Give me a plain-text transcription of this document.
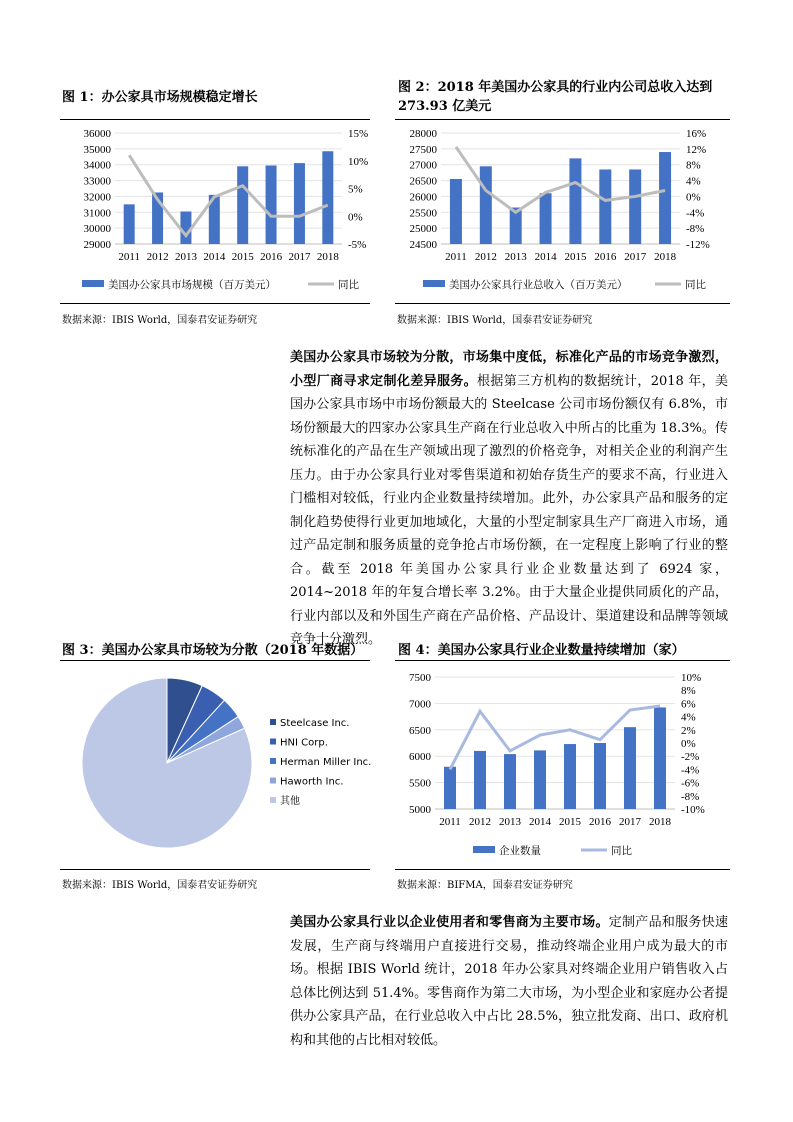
图 1：办公家具市场规模稳定增长
36000
35000
34000
33000
32000
31000
30000
29000
15%
10%
5%
0%
-5%
2011 2012 2013 2014 2015 2016 2017 2018
美国办公家具市场规模（百万美元）	同比
数据来源：IBIS World，国泰君安证券研究
图 2：2018 年美国办公家具的行业内公司总收入达到 273.93 亿美元
28000
27500
27000
26500
26000
25500
25000
24500
16%
12%
8%
4%
0%
-4%
-8%
-12%
2011 2012 2013 2014 2015 2016 2017 2018
美国办公家具行业总收入（百万美元）	同比
数据来源：IBIS World，国泰君安证券研究
美国办公家具市场较为分散，市场集中度低，标准化产品的市场竞争激烈，小型厂商寻求定制化差异服务。根据第三方机构的数据统计，2018 年，美国办公家具市场中市场份额最大的 Steelcase 公司市场份额仅有 6.8%，市场份额最大的四家办公家具生产商在行业总收入中所占的比重为 18.3%。传统标准化的产品在生产领域出现了激烈的价格竞争，对相关企业的利润产生压力。由于办公家具行业对零售渠道和初始存货生产的要求不高，行业进入门槛相对较低，行业内企业数量持续增加。此外，办公家具产品和服务的定制化趋势使得行业更加地域化，大量的小型定制家具生产厂商进入市场，通过产品定制和服务质量的竞争抢占市场份额，在一定程度上影响了行业的整合。截至 2018 年美国办公家具行业企业数量达到了 6924 家，2014~2018 年的年复合增长率 3.2%。由于大量企业提供同质化的产品，行业内部以及和外国生产商在产品价格、产品设计、渠道建设和品牌等领域竞争十分激烈。
图 3：美国办公家具市场较为分散（2018 年数据）
Steelcase Inc.
HNI Corp.
Herman Miller Inc.
Haworth Inc.
其他
数据来源：IBIS World，国泰君安证券研究
图 4：美国办公家具行业企业数量持续增加（家）
7500
7000
6500
6000
5500
5000
10%
8%
6%
4%
2%
0%
-2%
-4%
-6%
-8%
-10%
2011 2012 2013 2014 2015 2016 2017 2018
企业数量	同比
数据来源：BIFMA，国泰君安证券研究
美国办公家具行业以企业使用者和零售商为主要市场。定制产品和服务快速发展，生产商与终端用户直接进行交易，推动终端企业用户成为最大的市场。根据 IBIS World 统计，2018 年办公家具对终端企业用户销售收入占总体比例达到 51.4%。零售商作为第二大市场，为小型企业和家庭办公者提供办公家具产品，在行业总收入中占比 28.5%，独立批发商、出口、政府机构和其他的占比相对较低。
